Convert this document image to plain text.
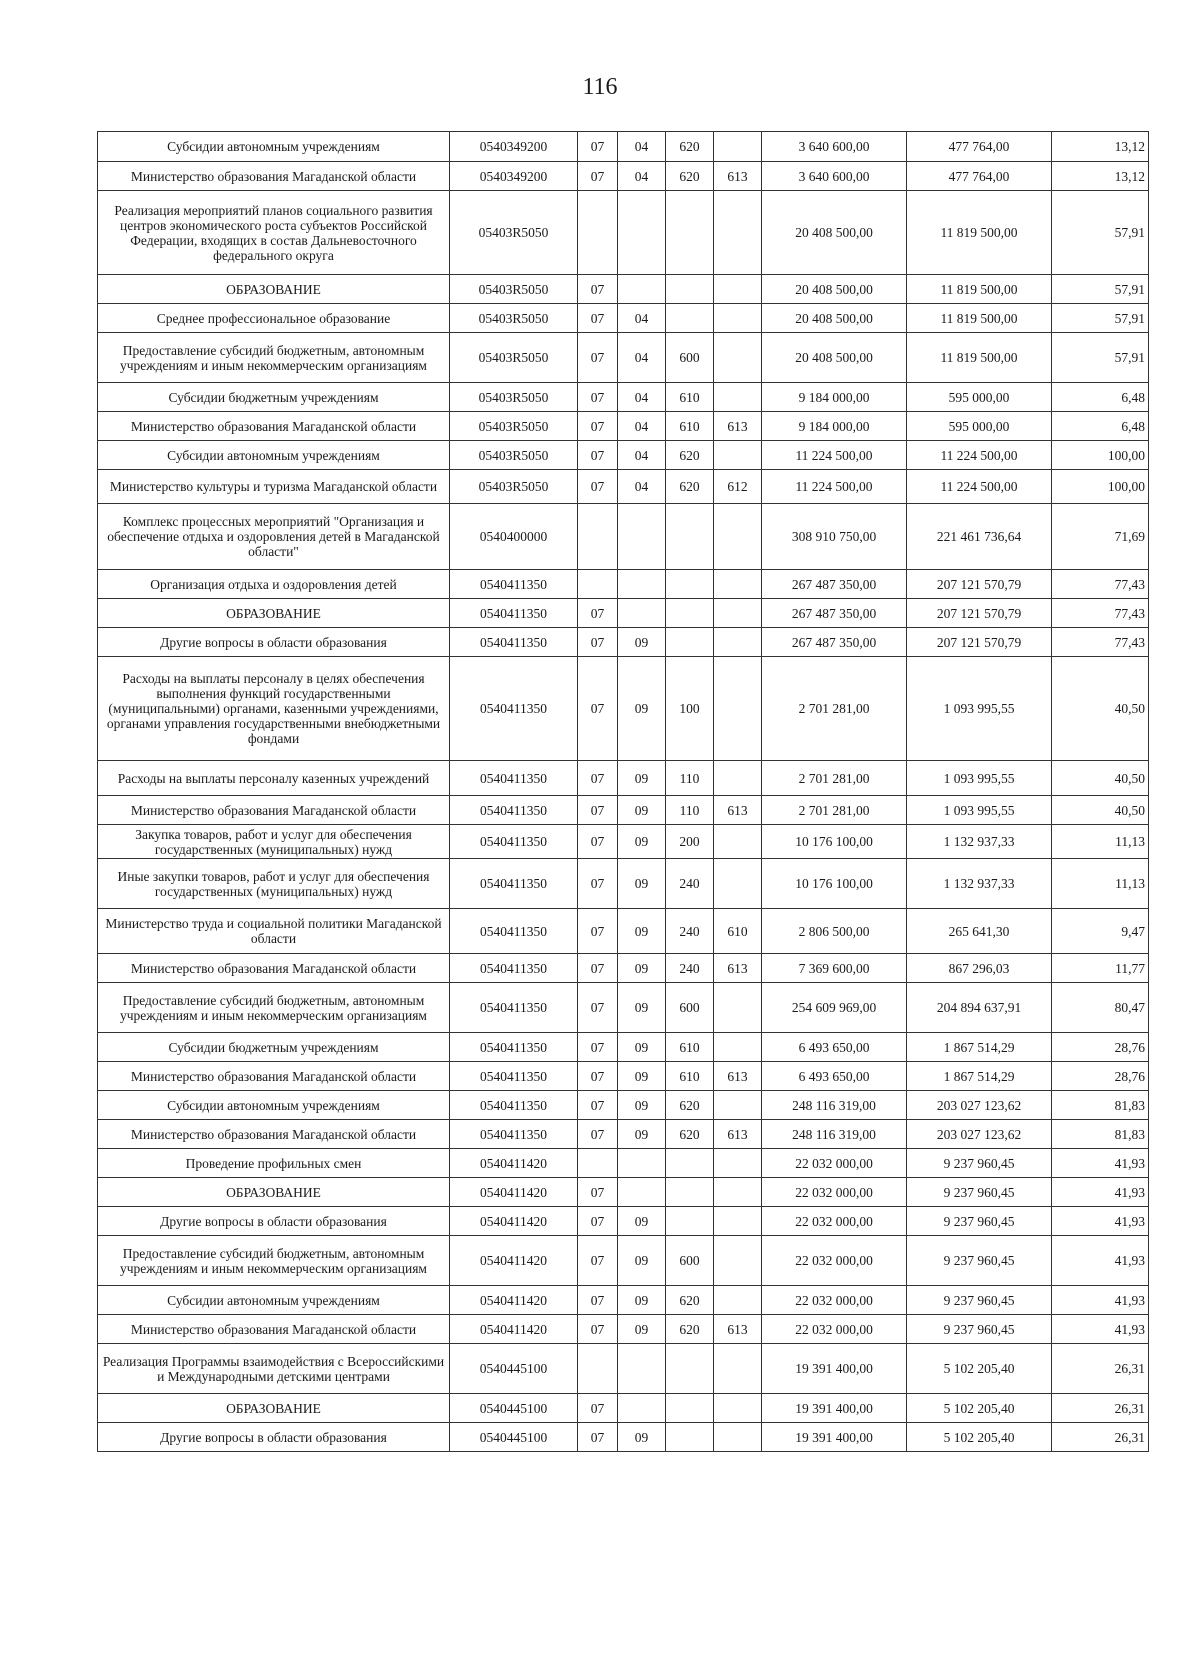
116
Субсидии автономным учреждениям	0540349200	07	04	620		3 640 600,00	477 764,00	13,12
Министерство образования Магаданской области	0540349200	07	04	620	613	3 640 600,00	477 764,00	13,12
Реализация мероприятий планов социального развития центров экономического роста субъектов Российской Федерации, входящих в состав Дальневосточного федерального округа	05403R5050					20 408 500,00	11 819 500,00	57,91
ОБРАЗОВАНИЕ	05403R5050	07				20 408 500,00	11 819 500,00	57,91
Среднее профессиональное образование	05403R5050	07	04			20 408 500,00	11 819 500,00	57,91
Предоставление субсидий бюджетным, автономным учреждениям и иным некоммерческим организациям	05403R5050	07	04	600		20 408 500,00	11 819 500,00	57,91
Субсидии бюджетным учреждениям	05403R5050	07	04	610		9 184 000,00	595 000,00	6,48
Министерство образования Магаданской области	05403R5050	07	04	610	613	9 184 000,00	595 000,00	6,48
Субсидии автономным учреждениям	05403R5050	07	04	620		11 224 500,00	11 224 500,00	100,00
Министерство культуры и туризма Магаданской области	05403R5050	07	04	620	612	11 224 500,00	11 224 500,00	100,00
Комплекс процессных мероприятий "Организация и обеспечение отдыха и оздоровления детей в Магаданской области"	0540400000					308 910 750,00	221 461 736,64	71,69
Организация отдыха и оздоровления детей	0540411350					267 487 350,00	207 121 570,79	77,43
ОБРАЗОВАНИЕ	0540411350	07				267 487 350,00	207 121 570,79	77,43
Другие вопросы в области образования	0540411350	07	09			267 487 350,00	207 121 570,79	77,43
Расходы на выплаты персоналу в целях обеспечения выполнения функций государственными (муниципальными) органами, казенными учреждениями, органами управления государственными внебюджетными фондами	0540411350	07	09	100		2 701 281,00	1 093 995,55	40,50
Расходы на выплаты персоналу казенных учреждений	0540411350	07	09	110		2 701 281,00	1 093 995,55	40,50
Министерство образования Магаданской области	0540411350	07	09	110	613	2 701 281,00	1 093 995,55	40,50
Закупка товаров, работ и услуг для обеспечения государственных (муниципальных) нужд	0540411350	07	09	200		10 176 100,00	1 132 937,33	11,13
Иные закупки товаров, работ и услуг для обеспечения государственных (муниципальных) нужд	0540411350	07	09	240		10 176 100,00	1 132 937,33	11,13
Министерство труда и социальной политики Магаданской области	0540411350	07	09	240	610	2 806 500,00	265 641,30	9,47
Министерство образования Магаданской области	0540411350	07	09	240	613	7 369 600,00	867 296,03	11,77
Предоставление субсидий бюджетным, автономным учреждениям и иным некоммерческим организациям	0540411350	07	09	600		254 609 969,00	204 894 637,91	80,47
Субсидии бюджетным учреждениям	0540411350	07	09	610		6 493 650,00	1 867 514,29	28,76
Министерство образования Магаданской области	0540411350	07	09	610	613	6 493 650,00	1 867 514,29	28,76
Субсидии автономным учреждениям	0540411350	07	09	620		248 116 319,00	203 027 123,62	81,83
Министерство образования Магаданской области	0540411350	07	09	620	613	248 116 319,00	203 027 123,62	81,83
Проведение профильных смен	0540411420					22 032 000,00	9 237 960,45	41,93
ОБРАЗОВАНИЕ	0540411420	07				22 032 000,00	9 237 960,45	41,93
Другие вопросы в области образования	0540411420	07	09			22 032 000,00	9 237 960,45	41,93
Предоставление субсидий бюджетным, автономным учреждениям и иным некоммерческим организациям	0540411420	07	09	600		22 032 000,00	9 237 960,45	41,93
Субсидии автономным учреждениям	0540411420	07	09	620		22 032 000,00	9 237 960,45	41,93
Министерство образования Магаданской области	0540411420	07	09	620	613	22 032 000,00	9 237 960,45	41,93
Реализация Программы взаимодействия с Всероссийскими и Международными детскими центрами	0540445100					19 391 400,00	5 102 205,40	26,31
ОБРАЗОВАНИЕ	0540445100	07				19 391 400,00	5 102 205,40	26,31
Другие вопросы в области образования	0540445100	07	09			19 391 400,00	5 102 205,40	26,31
